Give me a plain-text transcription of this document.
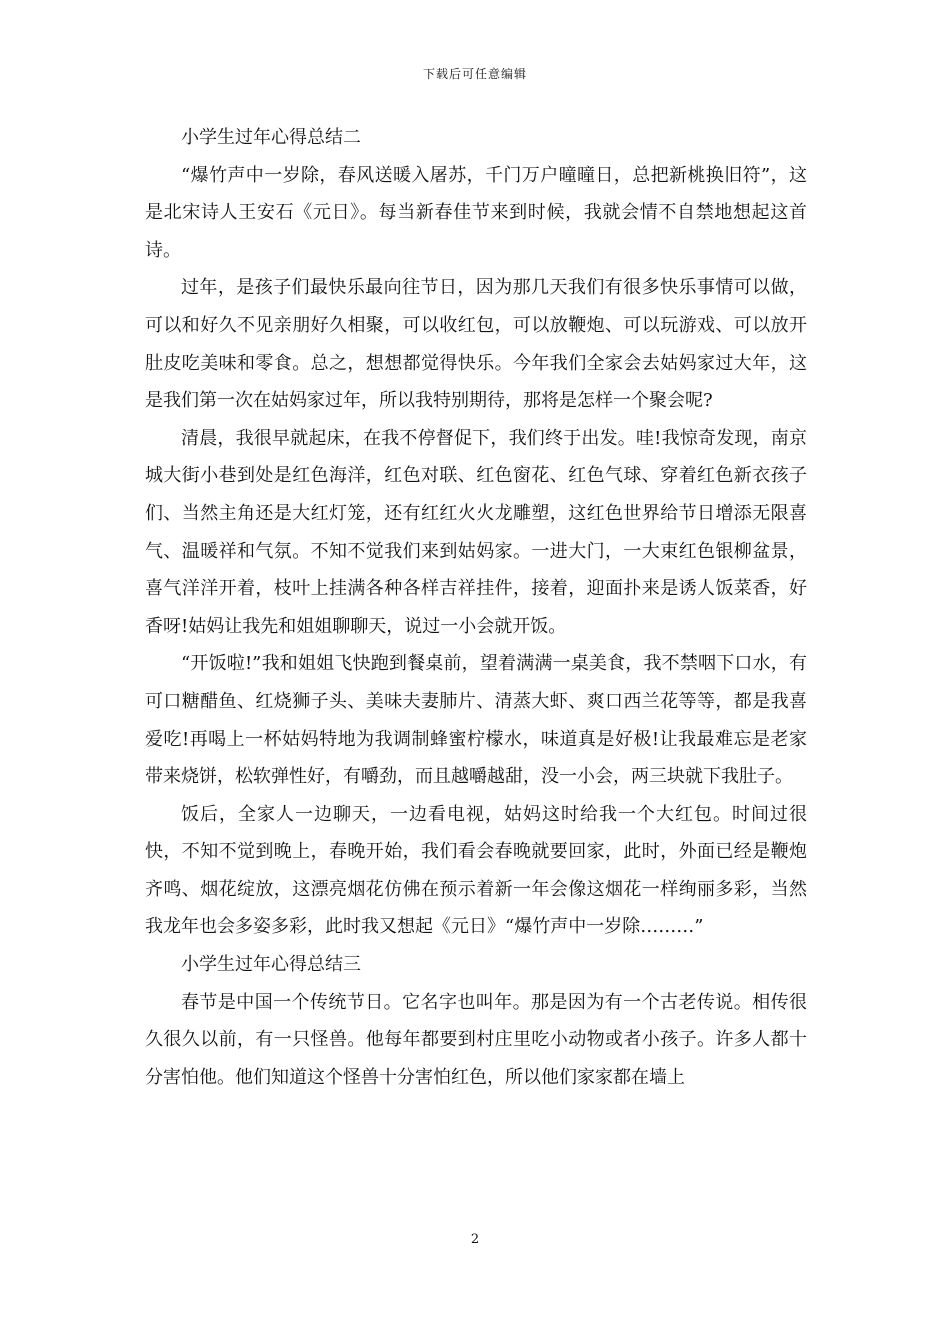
下载后可任意编辑

小学生过年心得总结二

“爆竹声中一岁除，春风送暖入屠苏，千门万户曈曈日，总把新桃换旧符”，这是北宋诗人王安石《元日》。每当新春佳节来到时候，我就会情不自禁地想起这首诗。

过年，是孩子们最快乐最向往节日，因为那几天我们有很多快乐事情可以做，可以和好久不见亲朋好久相聚，可以收红包，可以放鞭炮、可以玩游戏、可以放开肚皮吃美味和零食。总之，想想都觉得快乐。今年我们全家会去姑妈家过大年，这是我们第一次在姑妈家过年，所以我特别期待，那将是怎样一个聚会呢?

清晨，我很早就起床，在我不停督促下，我们终于出发。哇!我惊奇发现，南京城大街小巷到处是红色海洋，红色对联、红色窗花、红色气球、穿着红色新衣孩子们、当然主角还是大红灯笼，还有红红火火龙雕塑，这红色世界给节日增添无限喜气、温暖祥和气氛。不知不觉我们来到姑妈家。一进大门，一大束红色银柳盆景，喜气洋洋开着，枝叶上挂满各种各样吉祥挂件，接着，迎面扑来是诱人饭菜香，好香呀!姑妈让我先和姐姐聊聊天，说过一小会就开饭。

“开饭啦!”我和姐姐飞快跑到餐桌前，望着满满一桌美食，我不禁咽下口水，有可口糖醋鱼、红烧狮子头、美味夫妻肺片、清蒸大虾、爽口西兰花等等，都是我喜爱吃!再喝上一杯姑妈特地为我调制蜂蜜柠檬水，味道真是好极!让我最难忘是老家带来烧饼，松软弹性好，有嚼劲，而且越嚼越甜，没一小会，两三块就下我肚子。

饭后，全家人一边聊天，一边看电视，姑妈这时给我一个大红包。时间过很快，不知不觉到晚上，春晚开始，我们看会春晚就要回家，此时，外面已经是鞭炮齐鸣、烟花绽放，这漂亮烟花仿佛在预示着新一年会像这烟花一样绚丽多彩，当然我龙年也会多姿多彩，此时我又想起《元日》“爆竹声中一岁除………”

小学生过年心得总结三

春节是中国一个传统节日。它名字也叫年。那是因为有一个古老传说。相传很久很久以前，有一只怪兽。他每年都要到村庄里吃小动物或者小孩子。许多人都十分害怕他。他们知道这个怪兽十分害怕红色，所以他们家家都在墙上

2
